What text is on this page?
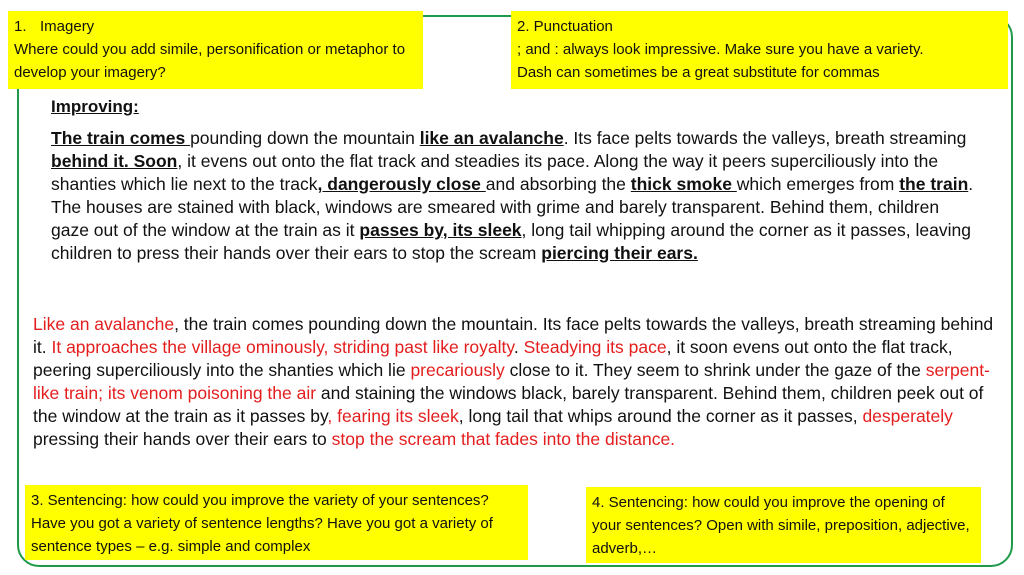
1. Imagery
Where could you add simile, personification or metaphor to develop your imagery?
2. Punctuation
; and : always look impressive. Make sure you have a variety.
Dash can sometimes be a great substitute for commas
Improving:

The train comes pounding down the mountain like an avalanche. Its face pelts towards the valleys, breath streaming behind it. Soon, it evens out onto the flat track and steadies its pace. Along the way it peers superciliously into the shanties which lie next to the track, dangerously close and absorbing the thick smoke which emerges from the train. The houses are stained with black, windows are smeared with grime and barely transparent. Behind them, children gaze out of the window at the train as it passes by, its sleek, long tail whipping around the corner as it passes, leaving children to press their hands over their ears to stop the scream piercing their ears.

Like an avalanche, the train comes pounding down the mountain. Its face pelts towards the valleys, breath streaming behind it. It approaches the village ominously, striding past like royalty. Steadying its pace, it soon evens out onto the flat track, peering superciliously into the shanties which lie precariously close to it. They seem to shrink under the gaze of the serpent-like train; its venom poisoning the air and staining the windows black, barely transparent. Behind them, children peek out of the window at the train as it passes by, fearing its sleek, long tail that whips around the corner as it passes, desperately pressing their hands over their ears to stop the scream that fades into the distance.

3. Sentencing: how could you improve the variety of your sentences? Have you got a variety of sentence lengths? Have you got a variety of sentence types – e.g. simple and complex
4. Sentencing: how could you improve the opening of your sentences? Open with simile, preposition, adjective, adverb,…
